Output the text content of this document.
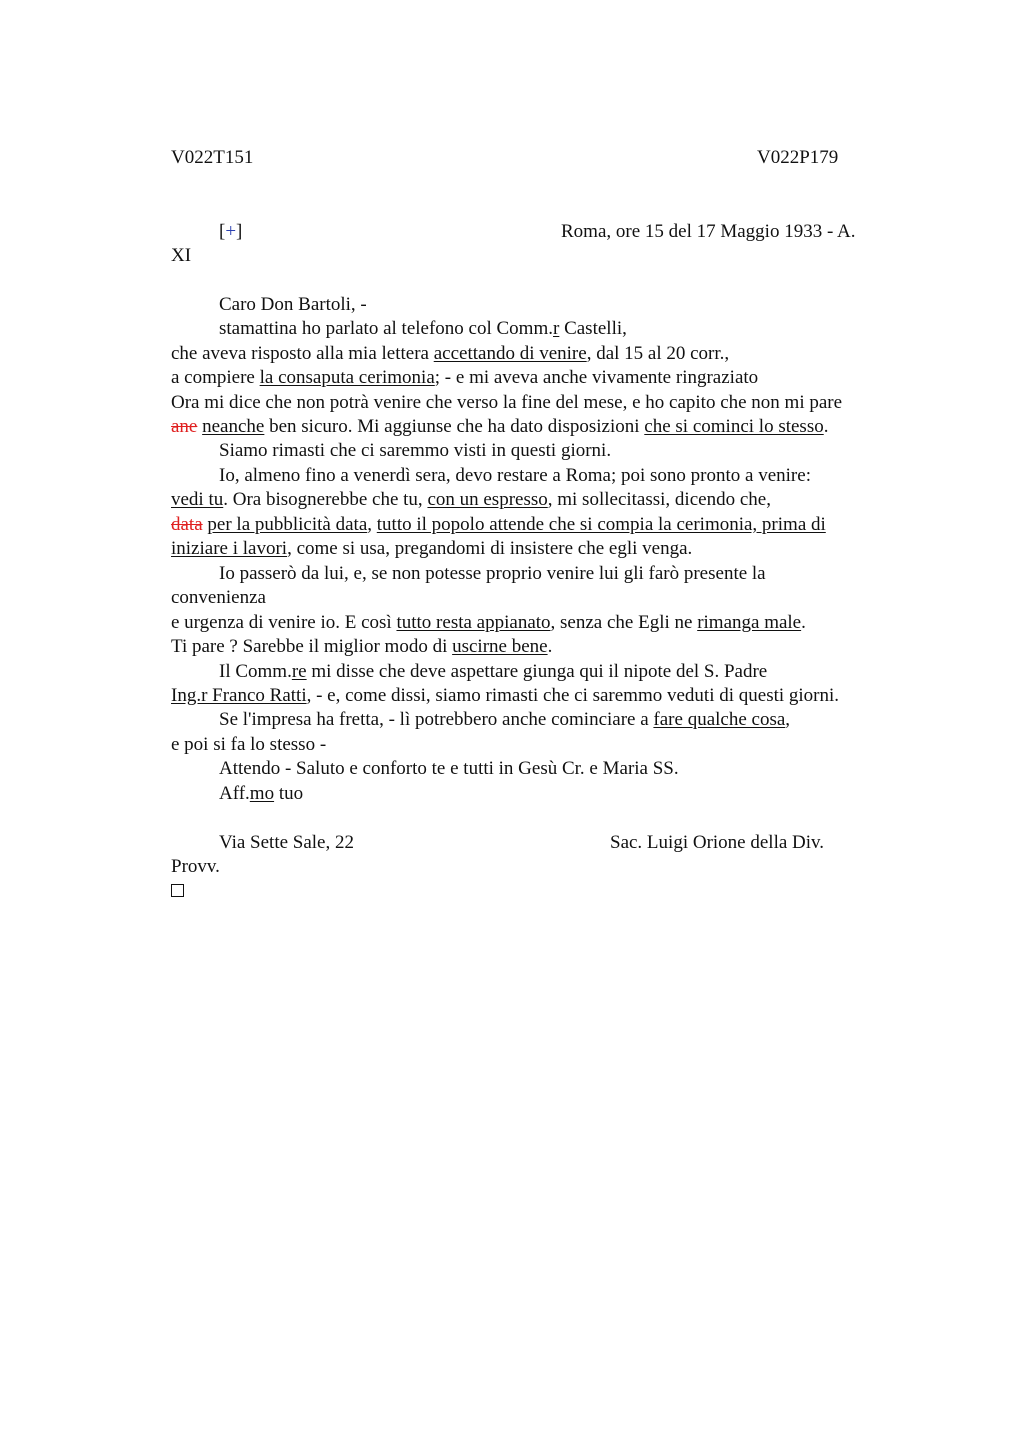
V022T151	V022P179
[+]	Roma, ore 15 del 17 Maggio 1933 - A.
XI
Caro Don Bartoli, -
stamattina ho parlato al telefono col Comm.r Castelli,
che aveva risposto alla mia lettera accettando di venire, dal 15 al 20 corr.,
a compiere la consaputa cerimonia; - e mi aveva anche vivamente ringraziato
Ora mi dice che non potrà venire che verso la fine del mese, e ho capito che non mi pare
ane neanche ben sicuro. Mi aggiunse che ha dato disposizioni che si cominci lo stesso.
Siamo rimasti che ci saremmo visti in questi giorni.
Io, almeno fino a venerdì sera, devo restare a Roma; poi sono pronto a venire:
vedi tu. Ora bisognerebbe che tu, con un espresso, mi sollecitassi, dicendo che,
data per la pubblicità data, tutto il popolo attende che si compia la cerimonia, prima di
iniziare i lavori, come si usa, pregandomi di insistere che egli venga.
Io passerò da lui, e, se non potesse proprio venire lui gli farò presente la
convenienza
e urgenza di venire io. E così tutto resta appianato, senza che Egli ne rimanga male.
Ti pare ? Sarebbe il miglior modo di uscirne bene.
Il Comm.re mi disse che deve aspettare giunga qui il nipote del S. Padre
Ing.r Franco Ratti, - e, come dissi, siamo rimasti che ci saremmo veduti di questi giorni.
Se l'impresa ha fretta, - lì potrebbero anche cominciare a fare qualche cosa,
e poi si fa lo stesso -
Attendo - Saluto e conforto te e tutti in Gesù Cr. e Maria SS.
Aff.mo tuo
Via Sette Sale, 22	Sac. Luigi Orione della Div.
Provv.
